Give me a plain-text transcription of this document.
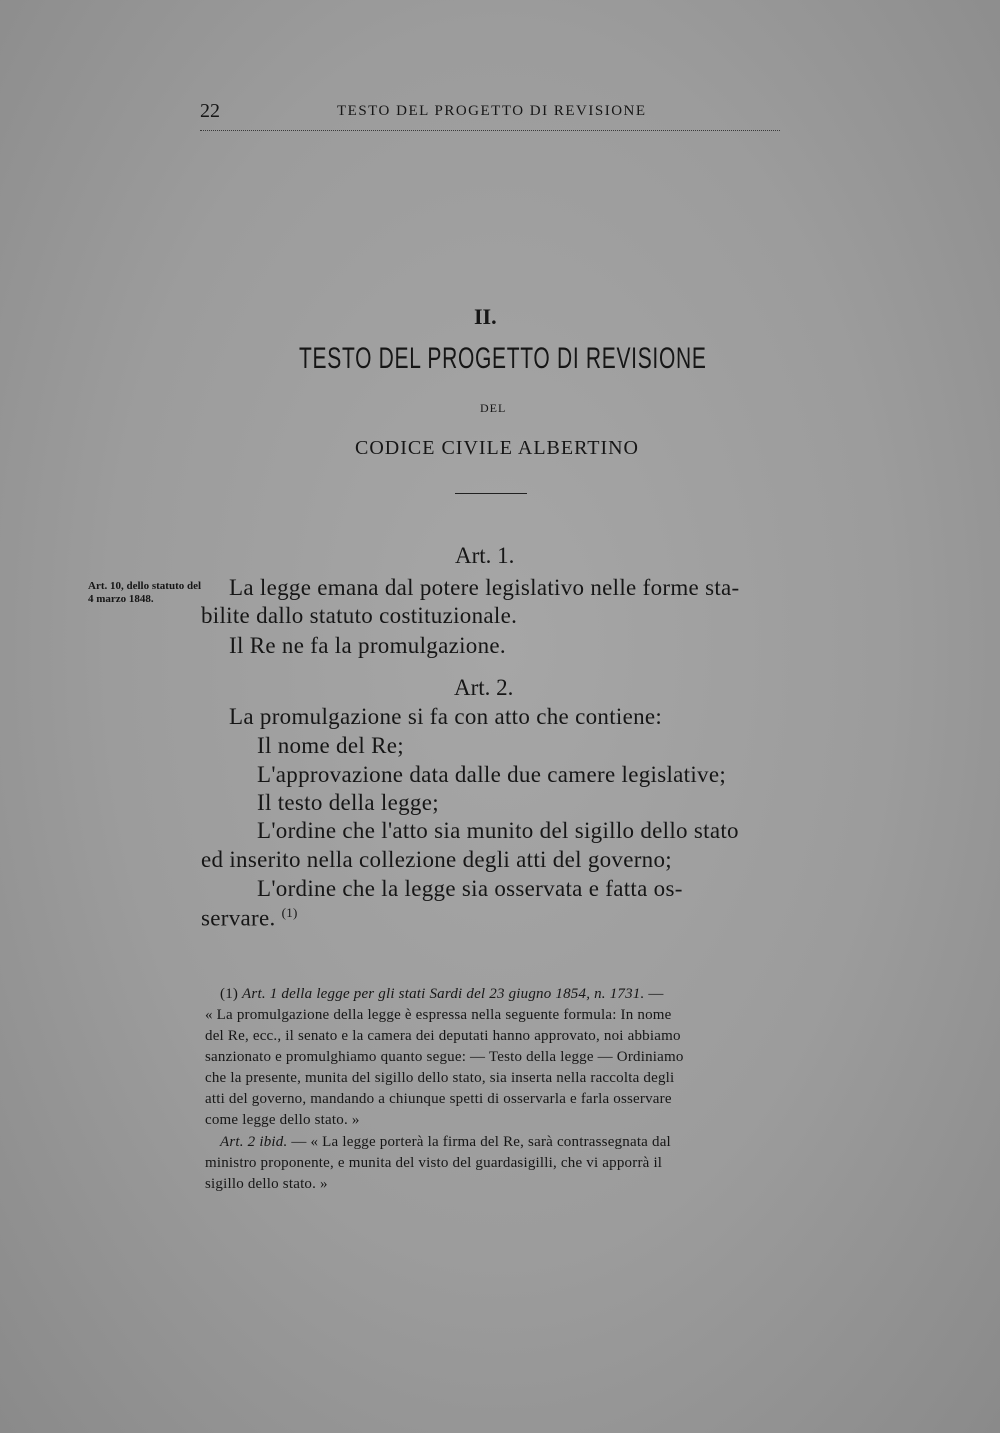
22	TESTO DEL PROGETTO DI REVISIONE
II.
TESTO DEL PROGETTO DI REVISIONE
DEL
CODICE CIVILE ALBERTINO
Art. 10, dello statuto del 4 marzo 1848.
Art. 1.
La legge emana dal potere legislativo nelle forme sta-
bilite dallo statuto costituzionale.
Il Re ne fa la promulgazione.
Art. 2.
La promulgazione si fa con atto che contiene:
Il nome del Re;
L'approvazione data dalle due camere legislative;
Il testo della legge;
L'ordine che l'atto sia munito del sigillo dello stato
ed inserito nella collezione degli atti del governo;
L'ordine che la legge sia osservata e fatta os-
servare. $^{(1)}$
(1) Art. 1 della legge per gli stati Sardi del 23 giugno 1854, n. 1731. —
« La promulgazione della legge è espressa nella seguente formula: In nome
del Re, ecc., il senato e la camera dei deputati hanno approvato, noi abbiamo
sanzionato e promulghiamo quanto segue: — Testo della legge — Ordiniamo
che la presente, munita del sigillo dello stato, sia inserta nella raccolta degli
atti del governo, mandando a chiunque spetti di osservarla e farla osservare
come legge dello stato. »
Art. 2 ibid. — « La legge porterà la firma del Re, sarà contrassegnata dal
ministro proponente, e munita del visto del guardasigilli, che vi apporrà il
sigillo dello stato. »
